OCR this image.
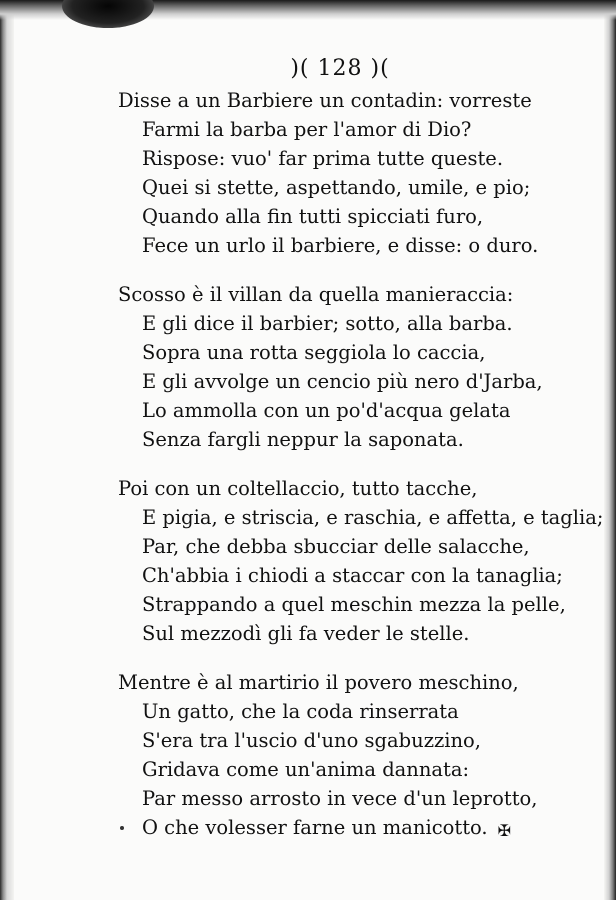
)( 128 )(
Disse a un Barbiere un contadin: vorreste
Farmi la barba per l'amor di Dio?
Rispose: vuo' far prima tutte queste.
Quei si stette, aspettando, umile, e pio;
Quando alla fin tutti spicciati furo,
Fece un urlo il barbiere, e disse: o duro.
Scosso è il villan da quella manieraccia:
E gli dice il barbier; sotto, alla barba.
Sopra una rotta seggiola lo caccia,
E gli avvolge un cencio più nero d'Jarba,
Lo ammolla con un po'd'acqua gelata
Senza fargli neppur la saponata.
Poi con un coltellaccio, tutto tacche,
E pigia, e striscia, e raschia, e affetta, e taglia;
Par, che debba sbucciar delle salacche,
Ch'abbia i chiodi a staccar con la tanaglia;
Strappando a quel meschin mezza la pelle,
Sul mezzodì gli fa veder le stelle.
Mentre è al martirio il povero meschino,
Un gatto, che la coda rinserrata
S'era tra l'uscio d'uno sgabuzzino,
Gridava come un'anima dannata:
Par messo arrosto in vece d'un leprotto,
O che volesser farne un manicotto. ✠
